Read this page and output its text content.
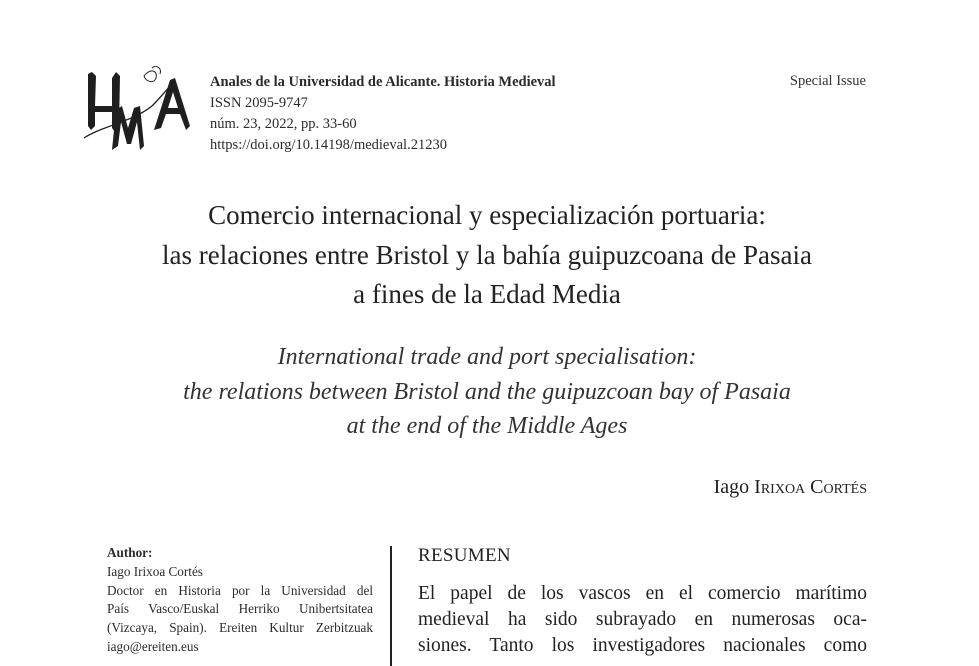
Anales de la Universidad de Alicante. Historia Medieval
ISSN 2095-9747
núm. 23, 2022, pp. 33-60
https://doi.org/10.14198/medieval.21230
Special Issue
Comercio internacional y especialización portuaria:
las relaciones entre Bristol y la bahía guipuzcoana de Pasaia
a fines de la Edad Media
International trade and port specialisation:
the relations between Bristol and the guipuzcoan bay of Pasaia
at the end of the Middle Ages
Iago Irixoa Cortés
Author:
Iago Irixoa Cortés
Doctor en Historia por la Universidad del
País Vasco/Euskal Herriko Unibertsitatea
(Vizcaya, Spain). Ereiten Kultur Zerbitzuak
iago@ereiten.eus
RESUMEN
El papel de los vascos en el comercio marítimo
medieval ha sido subrayado en numerosas oca-
siones. Tanto los investigadores nacionales como
